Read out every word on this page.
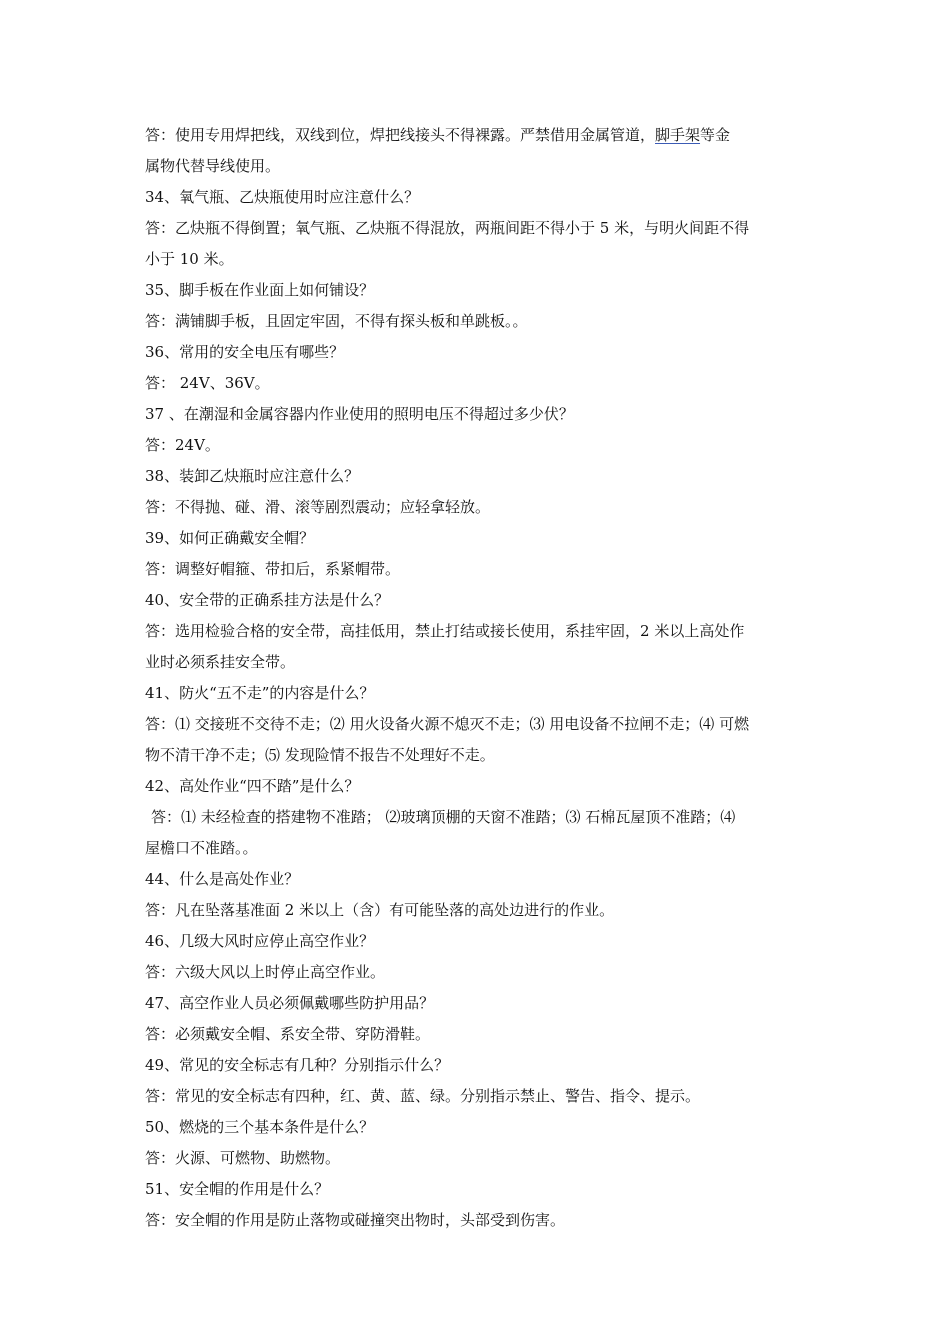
答：使用专用焊把线，双线到位，焊把线接头不得裸露。严禁借用金属管道，脚手架等金

属物代替导线使用。

34、氧气瓶、乙炔瓶使用时应注意什么？

答：乙炔瓶不得倒置；氧气瓶、乙炔瓶不得混放，两瓶间距不得小于 5 米，与明火间距不得

小于 10 米。

35、脚手板在作业面上如何铺设？

答：满铺脚手板，且固定牢固，不得有探头板和单跳板。。

36、常用的安全电压有哪些？

答： 24V、36V。

37 、在潮湿和金属容器内作业使用的照明电压不得超过多少伏？

答：24V。

38、装卸乙炔瓶时应注意什么？

答：不得抛、碰、滑、滚等剧烈震动；应轻拿轻放。

39、如何正确戴安全帽？

答：调整好帽箍、带扣后，系紧帽带。

40、安全带的正确系挂方法是什么？

答：选用检验合格的安全带，高挂低用，禁止打结或接长使用，系挂牢固，2 米以上高处作

业时必须系挂安全带。

41、防火“五不走”的内容是什么？

答：⑴ 交接班不交待不走；⑵ 用火设备火源不熄灭不走；⑶ 用电设备不拉闸不走；⑷ 可燃

物不清干净不走；⑸ 发现险情不报告不处理好不走。

42、高处作业“四不踏”是什么？

答：⑴ 未经检查的搭建物不准踏； ⑵玻璃顶棚的天窗不准踏；⑶ 石棉瓦屋顶不准踏；⑷

屋檐口不准踏。。

44、什么是高处作业？

答：凡在坠落基准面 2 米以上（含）有可能坠落的高处边进行的作业。

46、几级大风时应停止高空作业？

答：六级大风以上时停止高空作业。

47、高空作业人员必须佩戴哪些防护用品？

答：必须戴安全帽、系安全带、穿防滑鞋。

49、常见的安全标志有几种？分别指示什么？

答：常见的安全标志有四种，红、黄、蓝、绿。分别指示禁止、警告、指令、提示。

50、燃烧的三个基本条件是什么？

答：火源、可燃物、助燃物。

51、安全帽的作用是什么？

答：安全帽的作用是防止落物或碰撞突出物时，头部受到伤害。
